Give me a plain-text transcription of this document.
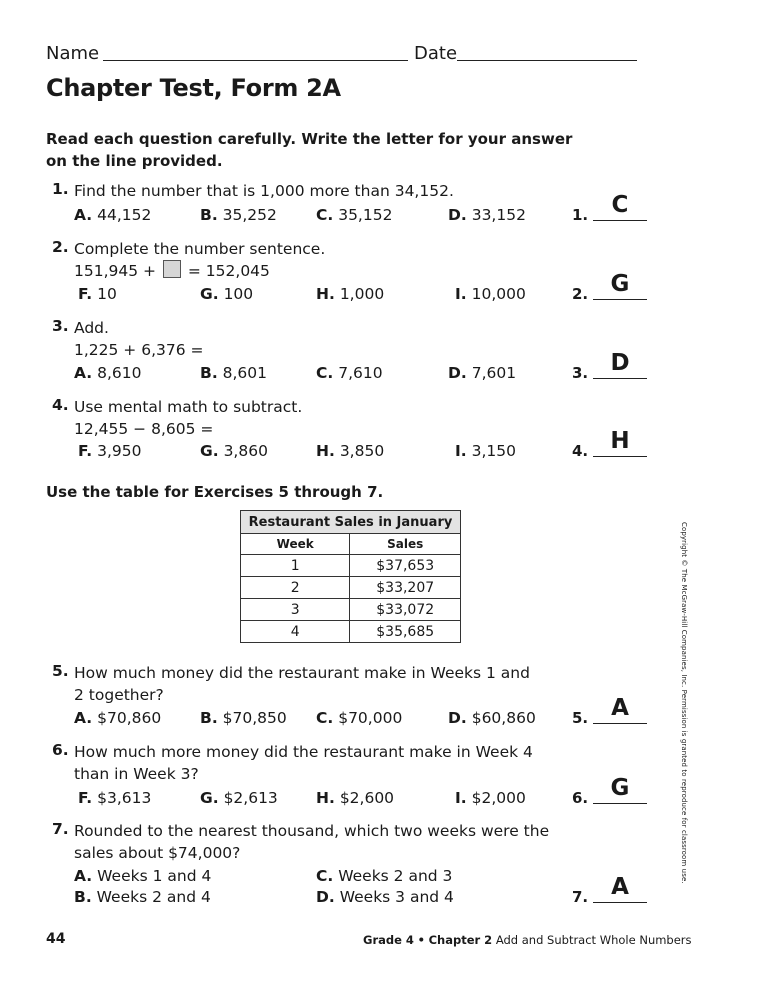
Name	Date
Chapter Test, Form 2A
Read each question carefully. Write the letter for your answer on the line provided.
1. Find the number that is 1,000 more than 34,152.
A. 44,152	B. 35,252	C. 35,152	D. 33,152	1.	C
2. Complete the number sentence.
151,945 + = 152,045
F. 10	G. 100	H. 1,000	I. 10,000	2. G
3. Add.
1,225 + 6,376 =
A. 8,610	B. 8,601	C. 7,610	D. 7,601	3. D
4. Use mental math to subtract.
12,455 − 8,605 =
F. 3,950	G. 3,860	H. 3,850	I. 3,150	4. H
Use the table for Exercises 5 through 7.
Restaurant Sales in January	
Week	Sales
1	$37,653
2	$33,207
3	$33,072
4	$35,685
5. How much money did the restaurant make in Weeks 1 and
2 together?
A. $70,860	B. $70,850 C. $70,000	D. $60,860 5. A
6. How much more money did the restaurant make in Week 4
than in Week 3?
F. $3,613	G. $2,613 H. $2,600	I. $2,000	6. G
7. Rounded to the nearest thousand, which two weeks were the
sales about $74,000?
A. Weeks 1 and 4
B. Weeks 2 and 4
C. Weeks 2 and 3
D. Weeks 3 and 4	7. A
Copyright © The McGraw-Hill Companies, Inc. Permission is granted to reproduce for classroom use.
44	Grade 4 • Chapter 2 Add and Subtract Whole Numbers
